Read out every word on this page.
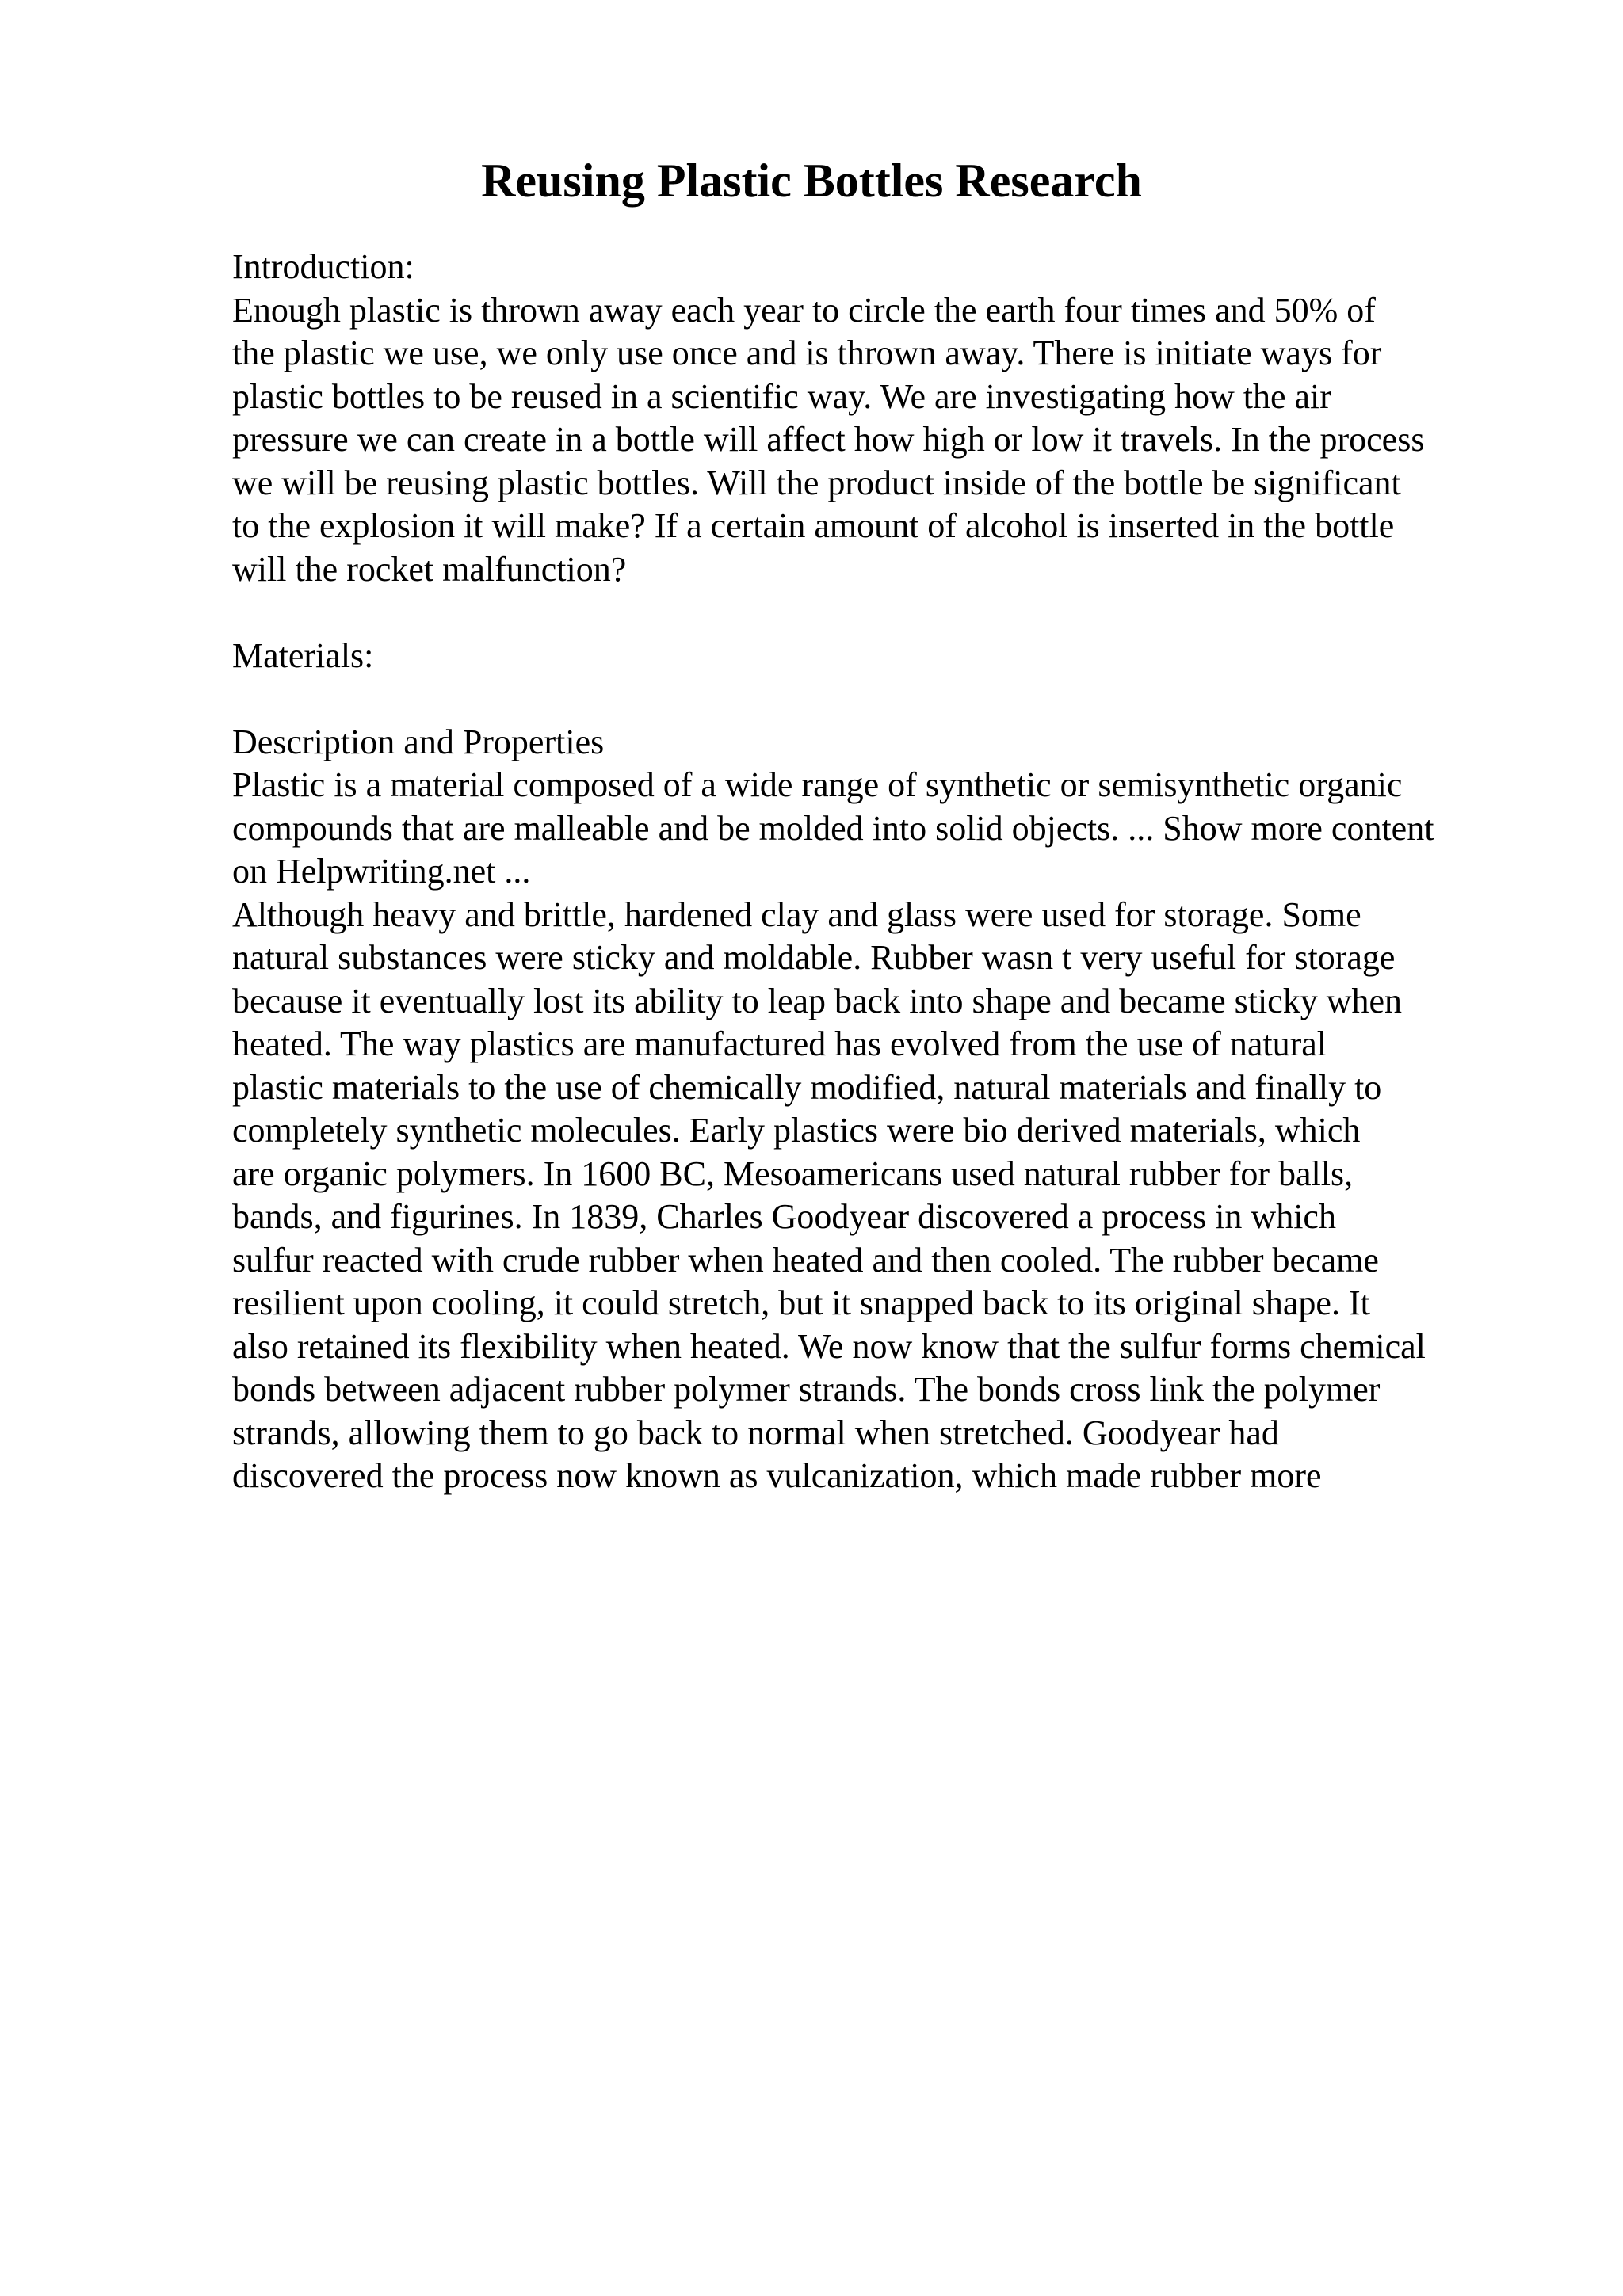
Reusing Plastic Bottles Research
Introduction:
Enough plastic is thrown away each year to circle the earth four times and 50% of
the plastic we use, we only use once and is thrown away. There is initiate ways for
plastic bottles to be reused in a scientific way. We are investigating how the air
pressure we can create in a bottle will affect how high or low it travels. In the process
we will be reusing plastic bottles. Will the product inside of the bottle be significant
to the explosion it will make? If a certain amount of alcohol is inserted in the bottle
will the rocket malfunction?
Materials:
Description and Properties
Plastic is a material composed of a wide range of synthetic or semisynthetic organic
compounds that are malleable and be molded into solid objects. ... Show more content
on Helpwriting.net ...
Although heavy and brittle, hardened clay and glass were used for storage. Some
natural substances were sticky and moldable. Rubber wasn t very useful for storage
because it eventually lost its ability to leap back into shape and became sticky when
heated. The way plastics are manufactured has evolved from the use of natural
plastic materials to the use of chemically modified, natural materials and finally to
completely synthetic molecules. Early plastics were bio derived materials, which
are organic polymers. In 1600 BC, Mesoamericans used natural rubber for balls,
bands, and figurines. In 1839, Charles Goodyear discovered a process in which
sulfur reacted with crude rubber when heated and then cooled. The rubber became
resilient upon cooling, it could stretch, but it snapped back to its original shape. It
also retained its flexibility when heated. We now know that the sulfur forms chemical
bonds between adjacent rubber polymer strands. The bonds cross link the polymer
strands, allowing them to go back to normal when stretched. Goodyear had
discovered the process now known as vulcanization, which made rubber more
